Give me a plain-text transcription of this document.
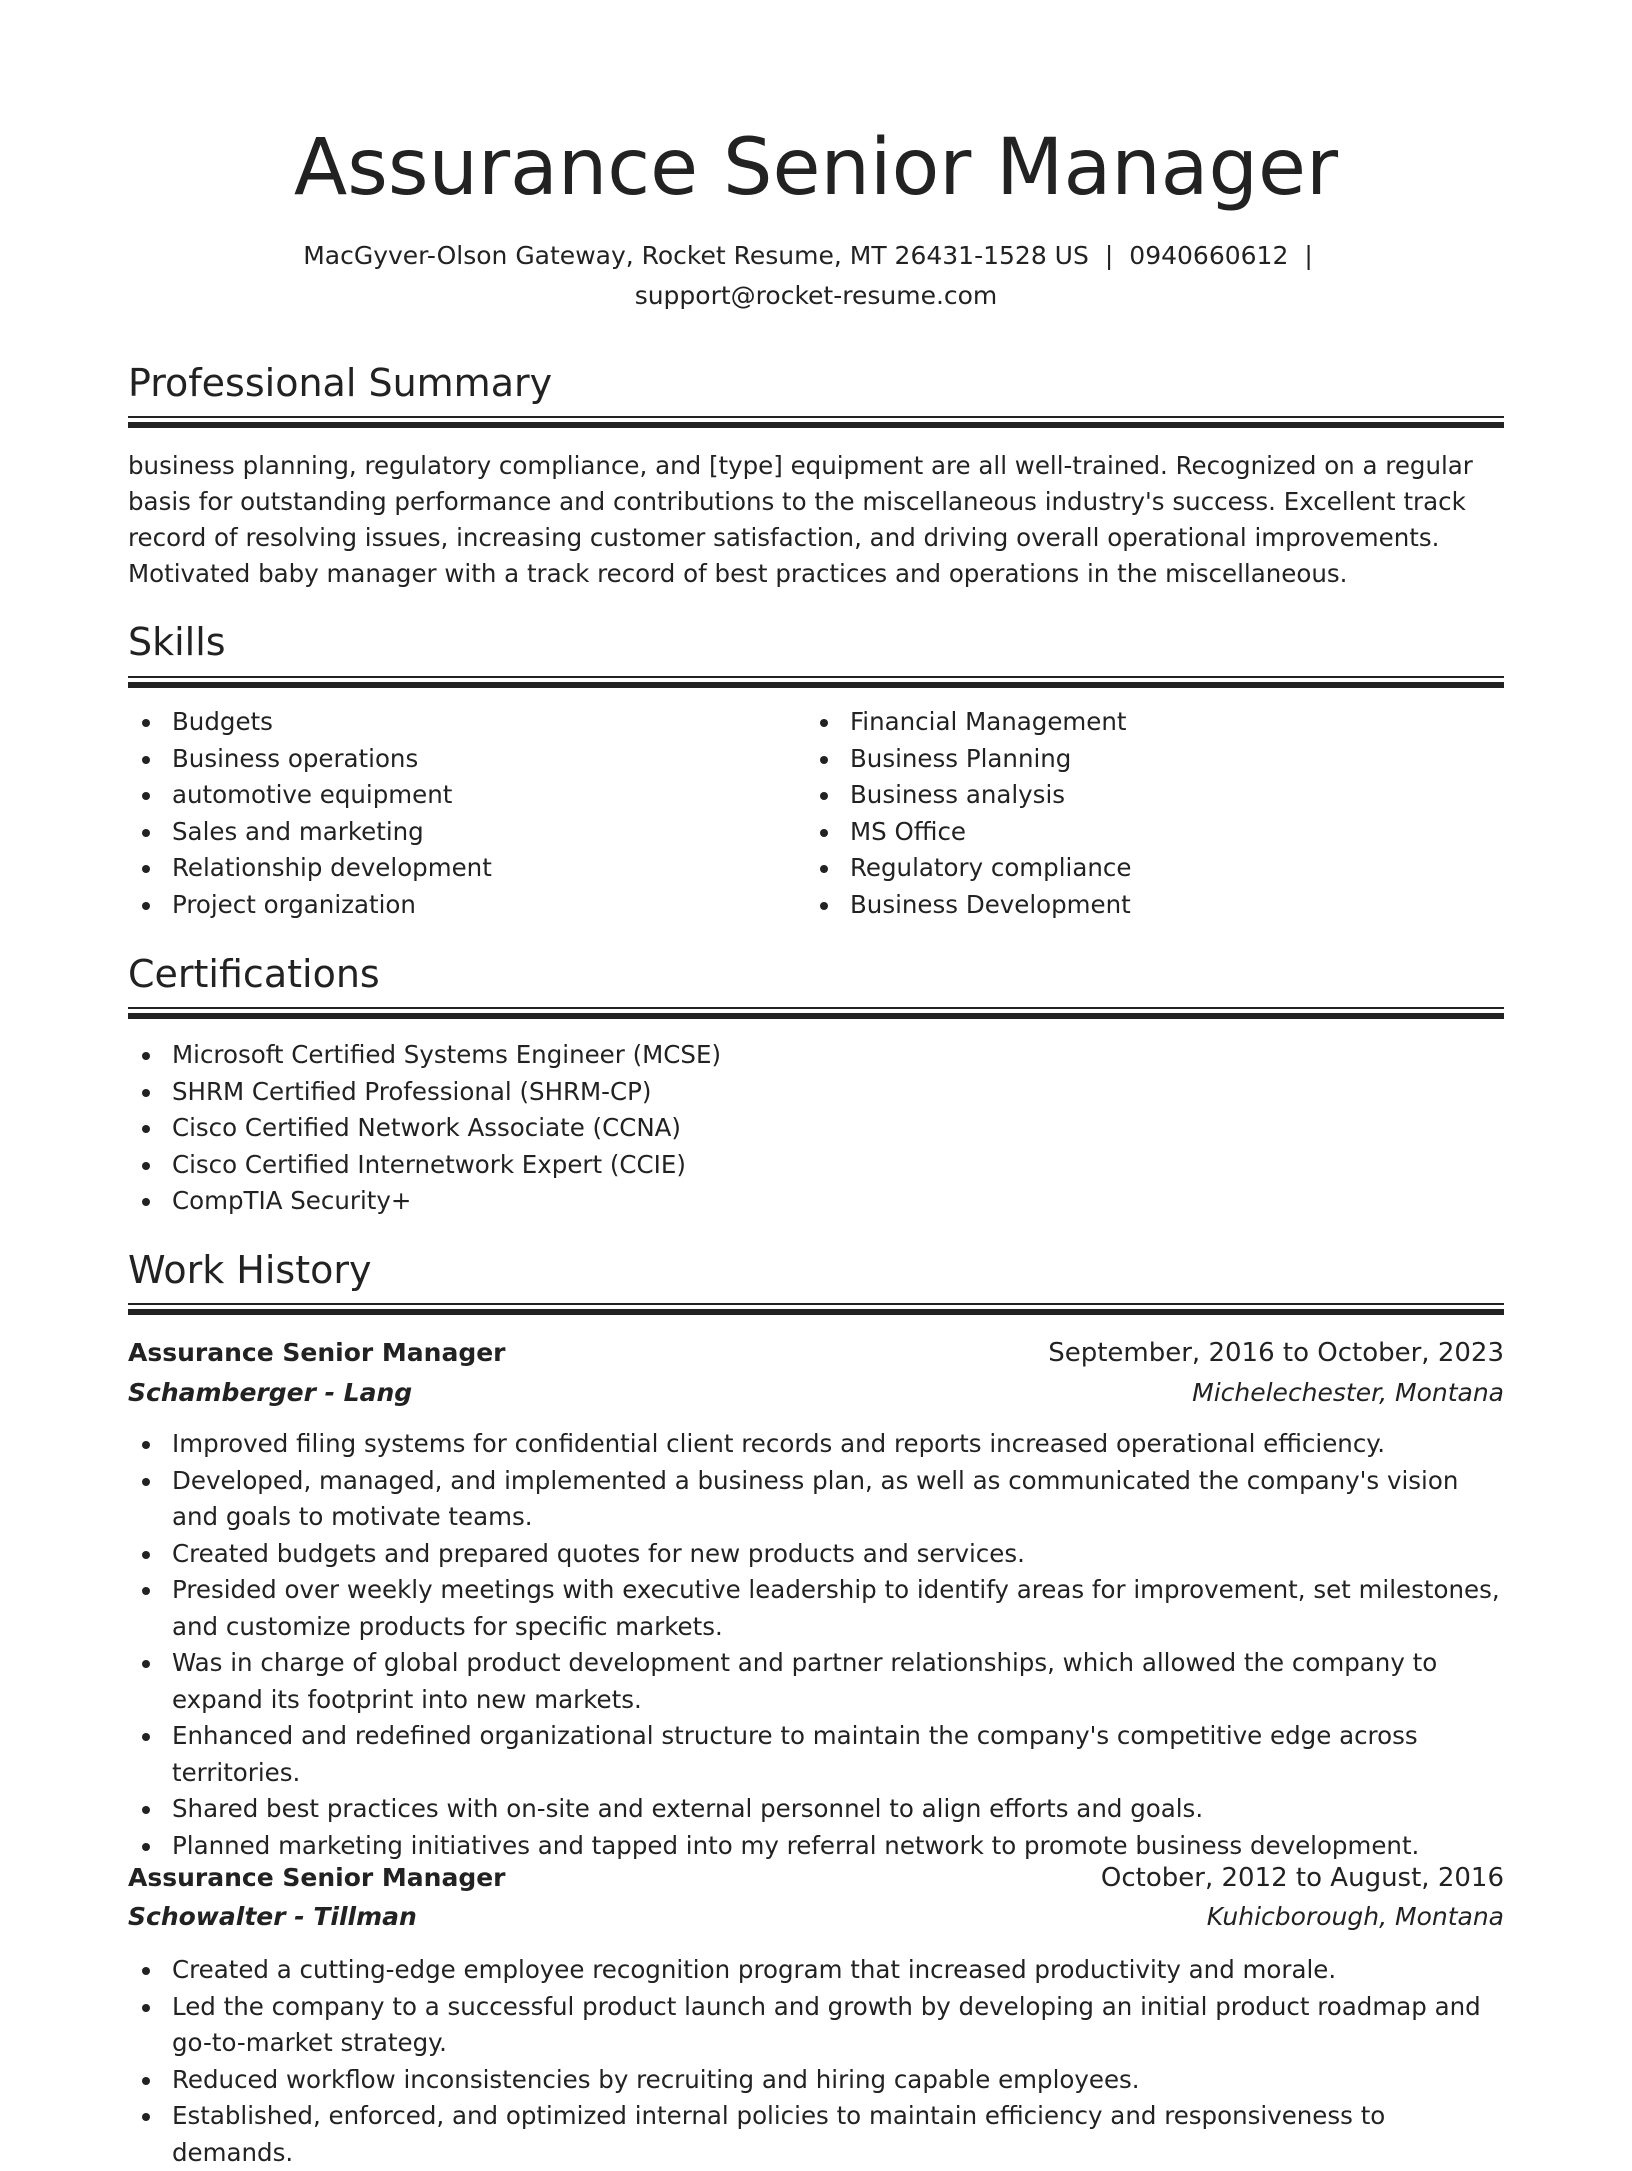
Assurance Senior Manager
MacGyver-Olson Gateway, Rocket Resume, MT 26431-1528 US | 0940660612 |
support@rocket-resume.com
Professional Summary

business planning, regulatory compliance, and [type] equipment are all well-trained. Recognized on a regular basis for outstanding performance and contributions to the miscellaneous industry's success. Excellent track record of resolving issues, increasing customer satisfaction, and driving overall operational improvements. Motivated baby manager with a track record of best practices and operations in the miscellaneous.

Skills
Budgets
Business operations
automotive equipment
Sales and marketing
Relationship development
Project organization
Financial Management
Business Planning
Business analysis
MS Office
Regulatory compliance
Business Development
Certifications
Microsoft Certified Systems Engineer (MCSE)
SHRM Certified Professional (SHRM-CP)
Cisco Certified Network Associate (CCNA)
Cisco Certified Internetwork Expert (CCIE)
CompTIA Security+
Work History
Assurance Senior Manager	September, 2016 to October, 2023
Schamberger - Lang	Michelechester, Montana
Improved filing systems for confidential client records and reports increased operational efficiency.
Developed, managed, and implemented a business plan, as well as communicated the company's vision and goals to motivate teams.
Created budgets and prepared quotes for new products and services.
Presided over weekly meetings with executive leadership to identify areas for improvement, set milestones, and customize products for specific markets.
Was in charge of global product development and partner relationships, which allowed the company to expand its footprint into new markets.
Enhanced and redefined organizational structure to maintain the company's competitive edge across territories.
Shared best practices with on-site and external personnel to align efforts and goals.
Planned marketing initiatives and tapped into my referral network to promote business development.
Assurance Senior Manager	October, 2012 to August, 2016
Schowalter - Tillman	Kuhicborough, Montana
Created a cutting-edge employee recognition program that increased productivity and morale.
Led the company to a successful product launch and growth by developing an initial product roadmap and go-to-market strategy.
Reduced workflow inconsistencies by recruiting and hiring capable employees.
Established, enforced, and optimized internal policies to maintain efficiency and responsiveness to demands.
